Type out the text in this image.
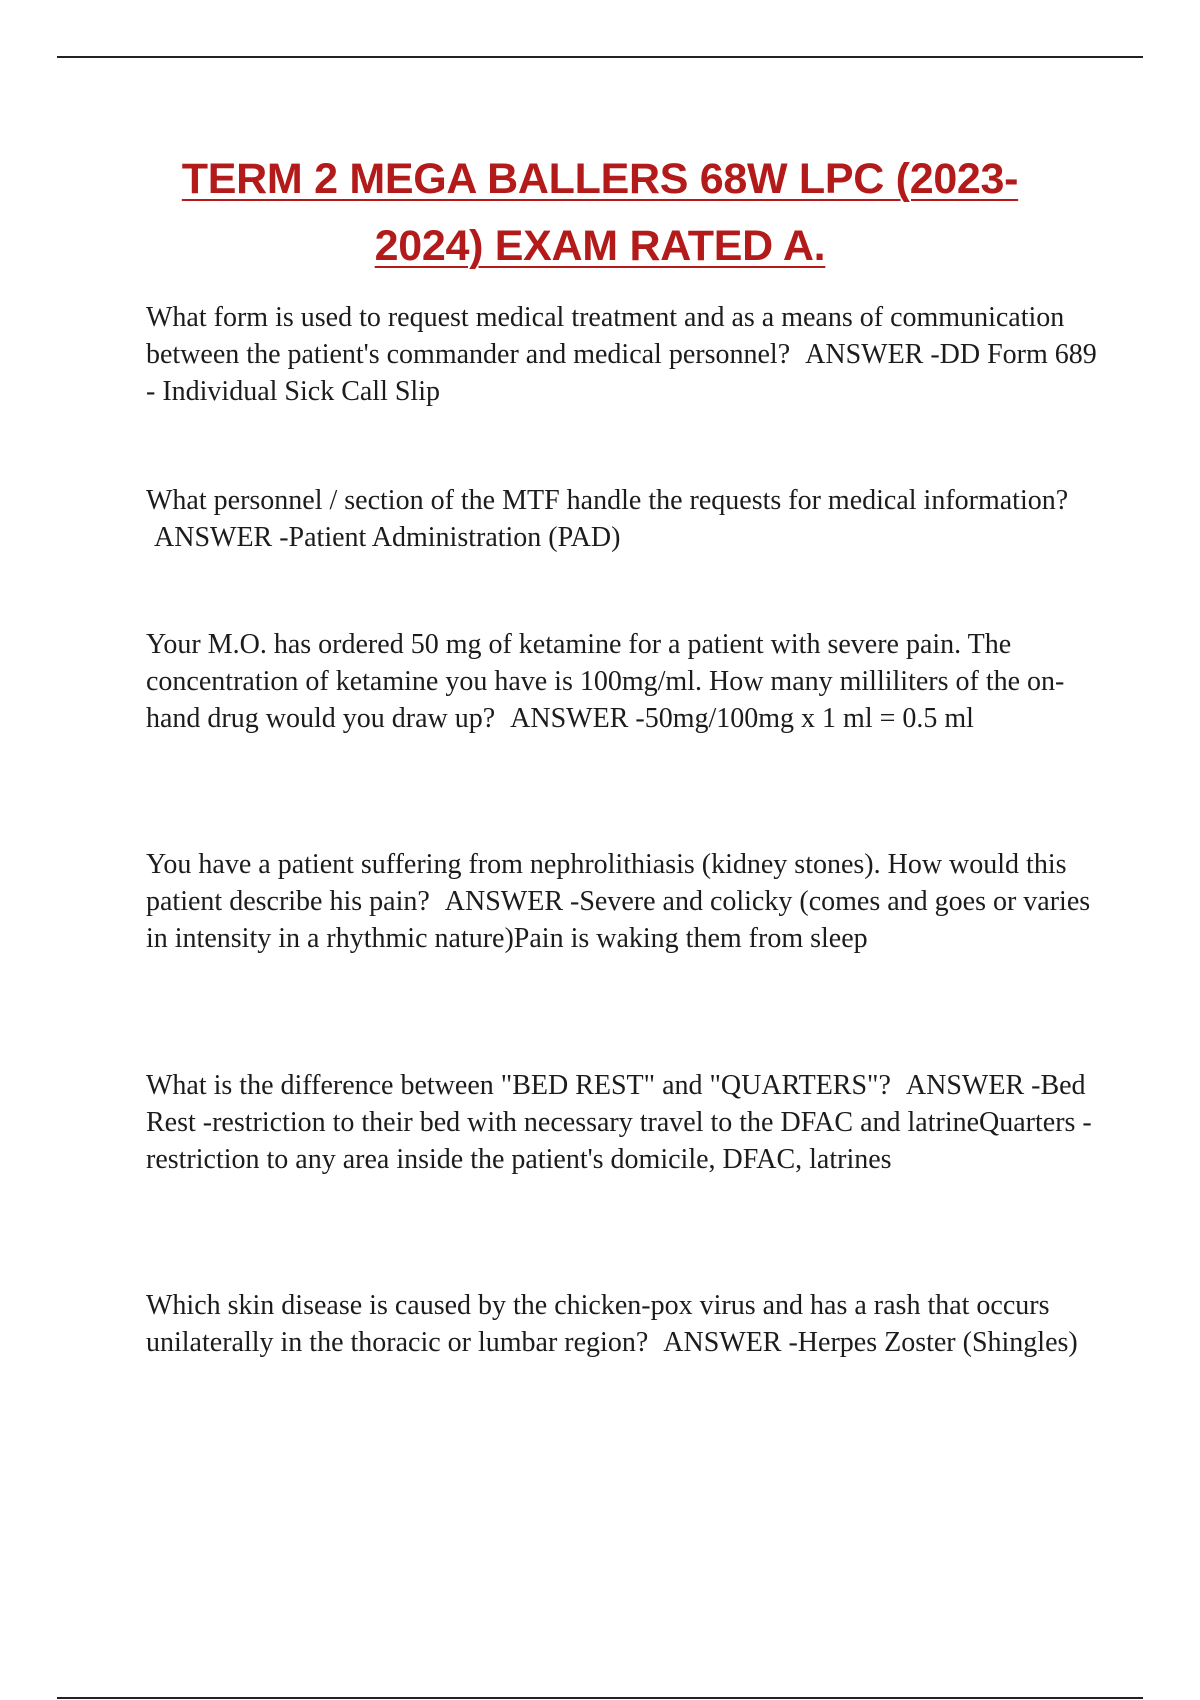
TERM 2 MEGA BALLERS 68W LPC (2023-
2024) EXAM RATED A.

What form is used to request medical treatment and as a means of communication between the patient's commander and medical personnel? ANSWER -DD Form 689 - Individual Sick Call Slip

What personnel / section of the MTF handle the requests for medical information? ANSWER -Patient Administration (PAD)

Your M.O. has ordered 50 mg of ketamine for a patient with severe pain. The concentration of ketamine you have is 100mg/ml. How many milliliters of the on-hand drug would you draw up? ANSWER -50mg/100mg x 1 ml = 0.5 ml

You have a patient suffering from nephrolithiasis (kidney stones). How would this patient describe his pain? ANSWER -Severe and colicky (comes and goes or varies in intensity in a rhythmic nature)Pain is waking them from sleep

What is the difference between "BED REST" and "QUARTERS"? ANSWER -Bed Rest -restriction to their bed with necessary travel to the DFAC and latrineQuarters - restriction to any area inside the patient's domicile, DFAC, latrines

Which skin disease is caused by the chicken-pox virus and has a rash that occurs unilaterally in the thoracic or lumbar region? ANSWER -Herpes Zoster (Shingles)
